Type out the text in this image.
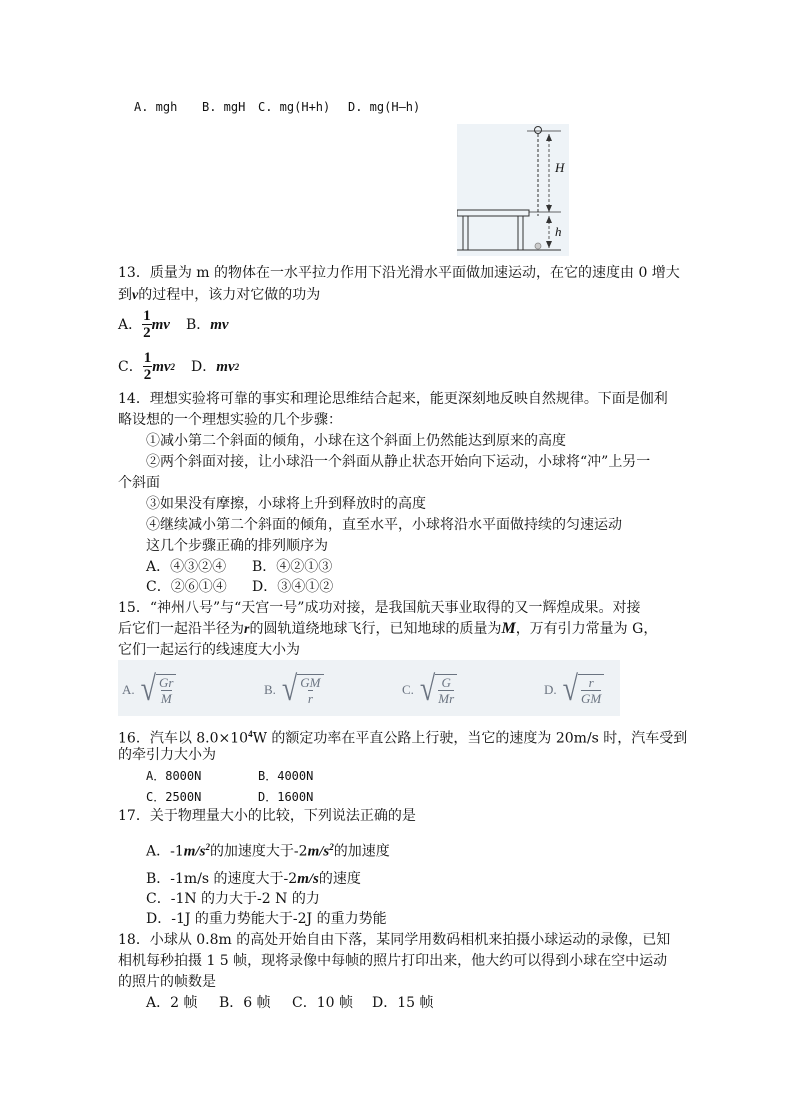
A. mgh B. mgH C. mg(H+h) D. mg(H—h)
H
h
13．质量为 m 的物体在一水平拉力作用下沿光滑水平面做加速运动，在它的速度由 0 增大
到v的过程中，该力对它做的功为
A． $\frac{1}{2}$ mv B． mv
C． $\frac{1}{2}$ mv 2 D． mv 2
14．理想实验将可靠的事实和理论思维结合起来，能更深刻地反映自然规律。下面是伽利
略设想的一个理想实验的几个步骤：
①减小第二个斜面的倾角，小球在这个斜面上仍然能达到原来的高度
②两个斜面对接，让小球沿一个斜面从静止状态开始向下运动，小球将“冲”上另一
个斜面
③如果没有摩擦，小球将上升到释放时的高度
④继续减小第二个斜面的倾角，直至水平，小球将沿水平面做持续的匀速运动
这几个步骤正确的排列顺序为
A．④③②④ B．④②①③
C．②⑥①④ D．③④①②
15．“神州八号”与“天宫一号”成功对接，是我国航天事业取得的又一辉煌成果。对接
后它们一起沿半径为r的圆轨道绕地球飞行，已知地球的质量为M，万有引力常量为 G，
它们一起运行的线速度大小为
A. √ Gr
M
B. √ GM
r
C. √ G
Mr
D. √ r
GM
16．汽车以 $8.0\times 10^4W$ 的额定功率在平直公路上行驶，当它的速度为 20m/s 时，汽车受到
的牵引力大小为
A．8000N	B．4000N
C．2500N	D．1600N
17．关于物理量大小的比较，下列说法正确的是
A．$-1m/s^2$的加速度大于$-2m/s^2$的加速度
B．-1m/s 的速度大于-2m/s的速度
C．-1N 的力大于-2 N 的力
D．-1J 的重力势能大于-2J 的重力势能
18．小球从 0.8m 的高处开始自由下落，某同学用数码相机来拍摄小球运动的录像，已知
相机每秒拍摄 1 5 帧，现将录像中每帧的照片打印出来，他大约可以得到小球在空中运动
的照片的帧数是
A．2 帧 B．6 帧 C．10 帧 D．15 帧
